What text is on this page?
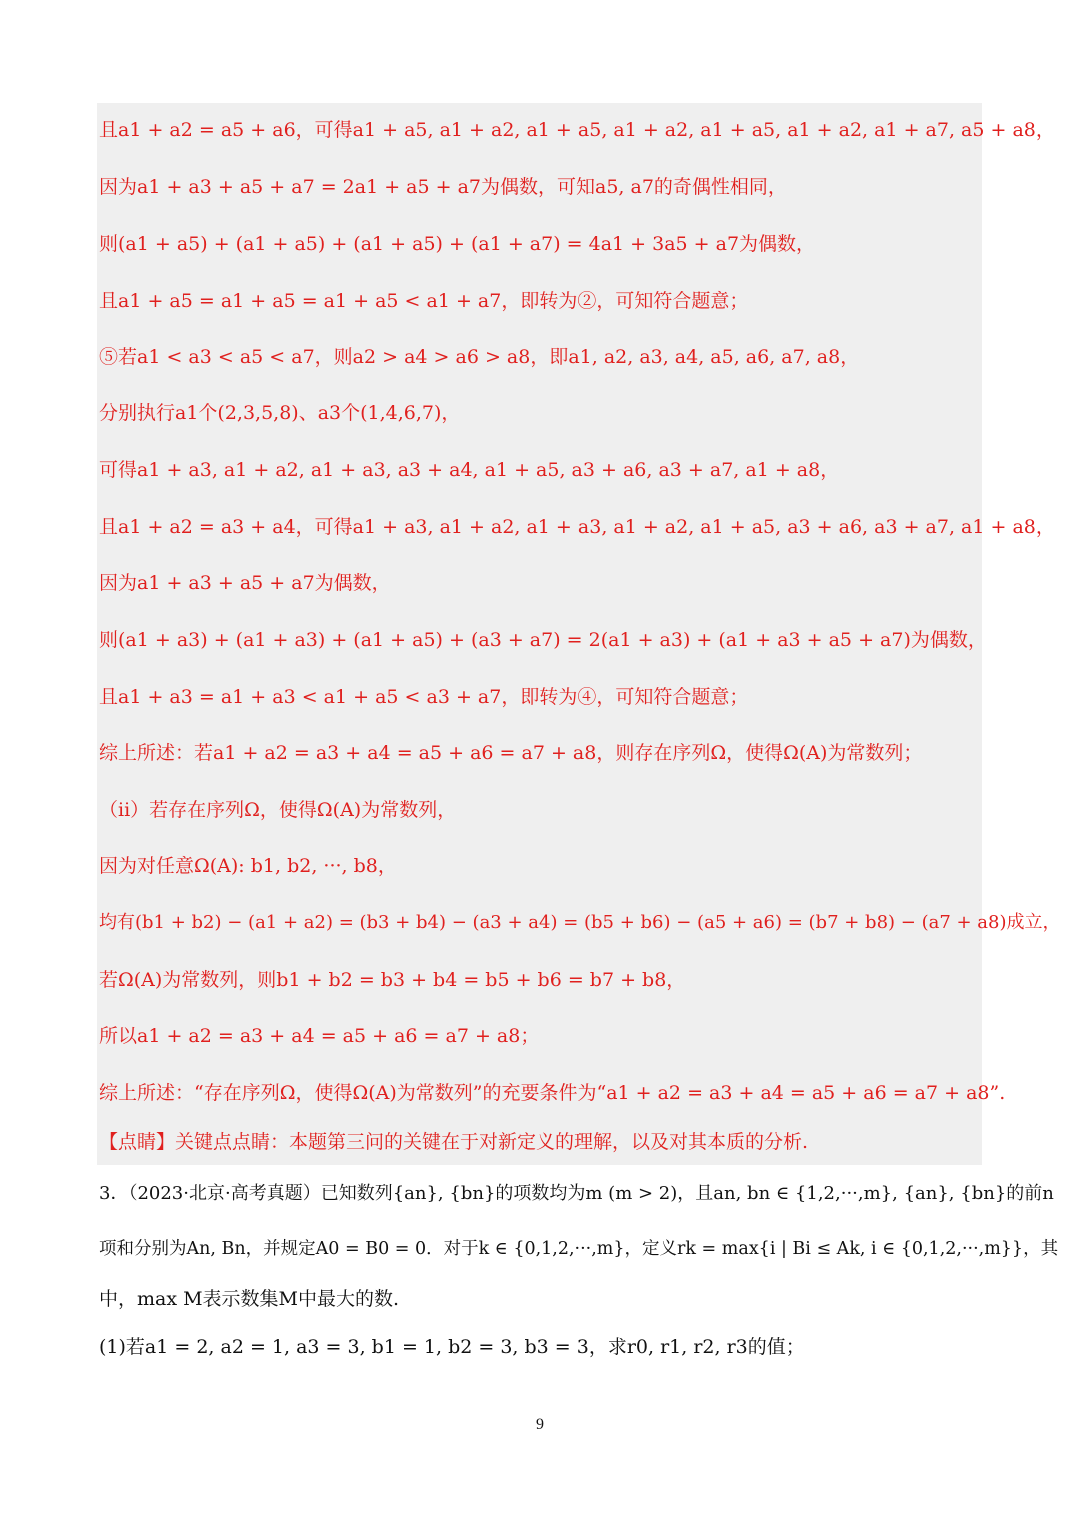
且a1 + a2 = a5 + a6，可得a1 + a5, a1 + a2, a1 + a5, a1 + a2, a1 + a5, a1 + a2, a1 + a7, a5 + a8，
因为a1 + a3 + a5 + a7 = 2a1 + a5 + a7为偶数，可知a5, a7的奇偶性相同，
则(a1 + a5) + (a1 + a5) + (a1 + a5) + (a1 + a7) = 4a1 + 3a5 + a7为偶数，
且a1 + a5 = a1 + a5 = a1 + a5 < a1 + a7，即转为②，可知符合题意；
⑤若a1 < a3 < a5 < a7，则a2 > a4 > a6 > a8，即a1, a2, a3, a4, a5, a6, a7, a8，
分别执行a1个(2,3,5,8)、a3个(1,4,6,7)，
可得a1 + a3, a1 + a2, a1 + a3, a3 + a4, a1 + a5, a3 + a6, a3 + a7, a1 + a8，
且a1 + a2 = a3 + a4，可得a1 + a3, a1 + a2, a1 + a3, a1 + a2, a1 + a5, a3 + a6, a3 + a7, a1 + a8，
因为a1 + a3 + a5 + a7为偶数，
则(a1 + a3) + (a1 + a3) + (a1 + a5) + (a3 + a7) = 2(a1 + a3) + (a1 + a3 + a5 + a7)为偶数，
且a1 + a3 = a1 + a3 < a1 + a5 < a3 + a7，即转为④，可知符合题意；
综上所述：若a1 + a2 = a3 + a4 = a5 + a6 = a7 + a8，则存在序列Ω，使得Ω(A)为常数列；
（ii）若存在序列Ω，使得Ω(A)为常数列，
因为对任意Ω(A): b1, b2, ···, b8，
均有(b1 + b2) − (a1 + a2) = (b3 + b4) − (a3 + a4) = (b5 + b6) − (a5 + a6) = (b7 + b8) − (a7 + a8)成立，
若Ω(A)为常数列，则b1 + b2 = b3 + b4 = b5 + b6 = b7 + b8，
所以a1 + a2 = a3 + a4 = a5 + a6 = a7 + a8；
综上所述：“存在序列Ω，使得Ω(A)为常数列”的充要条件为“a1 + a2 = a3 + a4 = a5 + a6 = a7 + a8”.
【点睛】关键点点睛：本题第三问的关键在于对新定义的理解，以及对其本质的分析.
3．（2023·北京·高考真题）已知数列{an}, {bn}的项数均为m (m > 2)，且an, bn ∈ {1,2,···,m}, {an}, {bn}的前n
项和分别为An, Bn，并规定A0 = B0 = 0．对于k ∈ {0,1,2,···,m}，定义rk = max{i | Bi ≤ Ak, i ∈ {0,1,2,···,m}}，其
中，max M表示数集M中最大的数.
(1)若a1 = 2, a2 = 1, a3 = 3, b1 = 1, b2 = 3, b3 = 3，求r0, r1, r2, r3的值；
9
